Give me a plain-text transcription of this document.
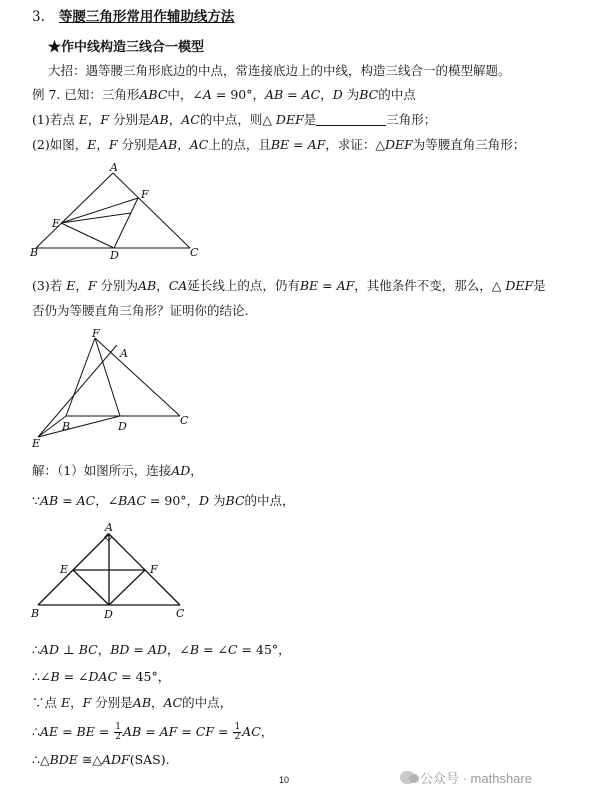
3. 等腰三角形常用作辅助线方法
★作中线构造三线合一模型
大招：遇等腰三角形底边的中点，常连接底边上的中线，构造三线合一的模型解题。
例 7. 已知：三角形ABC中，∠A = 90°，AB = AC，D 为BC的中点
(1)若点 E，F 分别是AB，AC的中点，则△ DEF是	三角形；
(2)如图，E，F 分别是AB，AC上的点，且BE = AF，求证：△DEF为等腰直角三角形；
A
F
E
B	D	C
(3)若 E，F 分别为AB，CA延长线上的点，仍有BE = AF，其他条件不变，那么，△ DEF是
否仍为等腰直角三角形？证明你的结论.
F
A
B	D	C
E
解：（1）如图所示，连接AD，
∵AB = AC，∠BAC = 90°，D 为BC的中点，
A
E	F
B	D	C
∴AD ⊥ BC，BD = AD，∠B = ∠C = 45°，
∴∠B = ∠DAC = 45°，
∵点 E，F 分别是AB，AC的中点，
∴AE = BE = $\frac{1}{2}$ AB = AF = CF = $\frac{1}{2}$ AC，
∴△BDE ≅△ADF(SAS).
10	公众号 · mathshare
